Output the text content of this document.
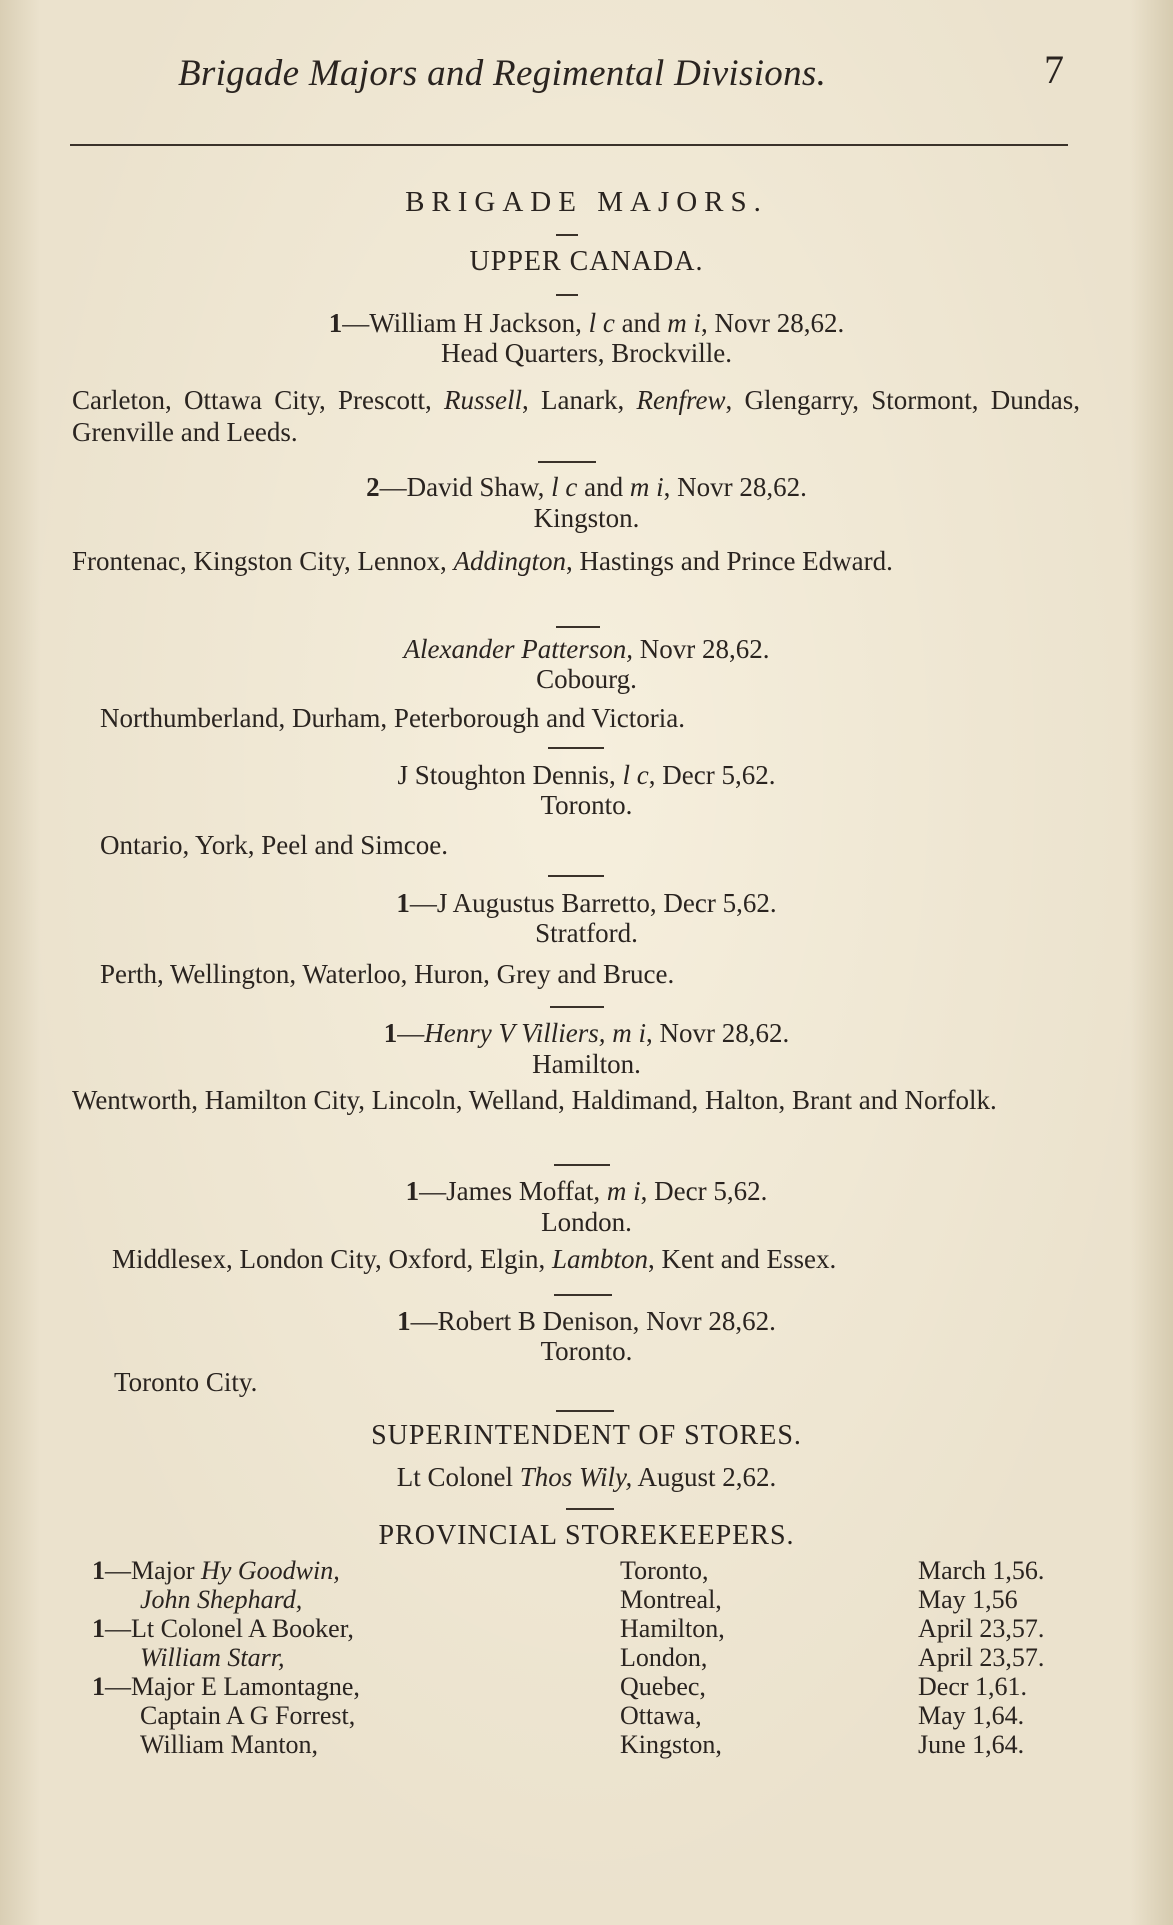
Brigade Majors and Regimental Divisions.	7
BRIGADE MAJORS.
UPPER CANADA.
1—William H Jackson, l c and m i, Novr 28,62.
Head Quarters, Brockville.
Carleton, Ottawa City, Prescott, Russell, Lanark, Renfrew, Glengarry, Stormont, Dundas, Grenville and Leeds.
2—David Shaw, l c and m i, Novr 28,62.
Kingston.
Frontenac, Kingston City, Lennox, Addington, Hastings and Prince Edward.
Alexander Patterson, Novr 28,62.
Cobourg.
Northumberland, Durham, Peterborough and Victoria.
J Stoughton Dennis, l c, Decr 5,62.
Toronto.
Ontario, York, Peel and Simcoe.
1—J Augustus Barretto, Decr 5,62.
Stratford.
Perth, Wellington, Waterloo, Huron, Grey and Bruce.
1—Henry V Villiers, m i, Novr 28,62.
Hamilton.
Wentworth, Hamilton City, Lincoln, Welland, Haldimand, Halton, Brant and Norfolk.
1—James Moffat, m i, Decr 5,62.
London.
Middlesex, London City, Oxford, Elgin, Lambton, Kent and Essex.
1—Robert B Denison, Novr 28,62.
Toronto.
Toronto City.
SUPERINTENDENT OF STORES.
Lt Colonel Thos Wily, August 2,62.
PROVINCIAL STOREKEEPERS.
1—Major Hy Goodwin,	Toronto,	March 1,56.
John Shephard,	Montreal,	May 1,56
1—Lt Colonel A Booker,	Hamilton,	April 23,57.
William Starr,	London,	April 23,57.
1—Major E Lamontagne,	Quebec,	Decr 1,61.
Captain A G Forrest,	Ottawa,	May 1,64.
William Manton,	Kingston,	June 1,64.
